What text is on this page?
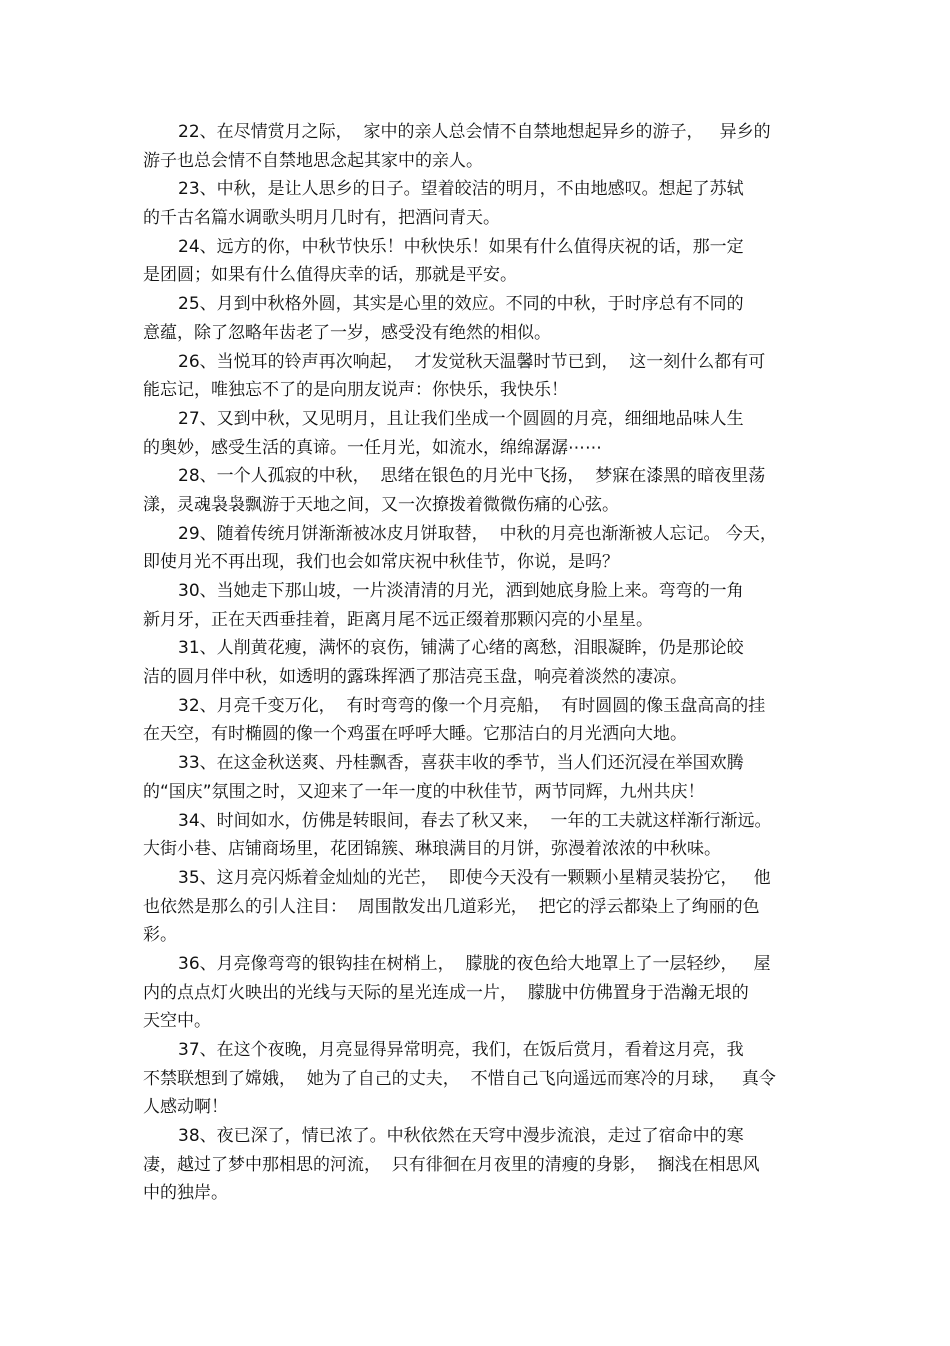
22、在尽情赏月之际，  家中的亲人总会情不自禁地想起异乡的游子，   异乡的
游子也总会情不自禁地思念起其家中的亲人。
23、中秋，是让人思乡的日子。望着皎洁的明月，不由地感叹。想起了苏轼
的千古名篇水调歌头明月几时有，把酒问青天。
24、远方的你，中秋节快乐！中秋快乐！如果有什么值得庆祝的话，那一定
是团圆；如果有什么值得庆幸的话，那就是平安。
25、月到中秋格外圆，其实是心里的效应。不同的中秋，于时序总有不同的
意蕴，除了忽略年齿老了一岁，感受没有绝然的相似。
26、当悦耳的铃声再次响起，  才发觉秋天温馨时节已到，  这一刻什么都有可
能忘记，唯独忘不了的是向朋友说声：你快乐，我快乐！
27、又到中秋，又见明月，且让我们坐成一个圆圆的月亮，细细地品味人生
的奥妙，感受生活的真谛。一任月光，如流水，绵绵潺潺⋯⋯
28、一个人孤寂的中秋，  思绪在银色的月光中飞扬，  梦寐在漆黑的暗夜里荡
漾，灵魂袅袅飘游于天地之间，又一次撩拨着微微伤痛的心弦。
29、随着传统月饼渐渐被冰皮月饼取替，  中秋的月亮也渐渐被人忘记。 今天，
即使月光不再出现，我们也会如常庆祝中秋佳节，你说，是吗？
30、当她走下那山坡，一片淡清清的月光，洒到她底身脸上来。弯弯的一角
新月牙，正在天西垂挂着，距离月尾不远正缀着那颗闪亮的小星星。
31、人削黄花瘦，满怀的哀伤，铺满了心绪的离愁，泪眼凝眸，仍是那论皎
洁的圆月伴中秋，如透明的露珠挥洒了那洁亮玉盘，响亮着淡然的凄凉。
32、月亮千变万化，  有时弯弯的像一个月亮船，  有时圆圆的像玉盘高高的挂
在天空，有时椭圆的像一个鸡蛋在呼呼大睡。它那洁白的月光洒向大地。
33、在这金秋送爽、丹桂飘香，喜获丰收的季节，当人们还沉浸在举国欢腾
的“国庆”氛围之时，又迎来了一年一度的中秋佳节，两节同辉，九州共庆！
34、时间如水，仿佛是转眼间，春去了秋又来，  一年的工夫就这样渐行渐远。
大街小巷、店铺商场里，花团锦簇、琳琅满目的月饼，弥漫着浓浓的中秋味。
35、这月亮闪烁着金灿灿的光芒，  即使今天没有一颗颗小星精灵装扮它，   他
也依然是那么的引人注目：  周围散发出几道彩光，  把它的浮云都染上了绚丽的色
彩。
36、月亮像弯弯的银钩挂在树梢上，  朦胧的夜色给大地罩上了一层轻纱，   屋
内的点点灯火映出的光线与天际的星光连成一片，  朦胧中仿佛置身于浩瀚无垠的
天空中。
37、在这个夜晚，月亮显得异常明亮，我们，在饭后赏月，看着这月亮，我
不禁联想到了嫦娥，  她为了自己的丈夫，  不惜自己飞向遥远而寒冷的月球，   真令
人感动啊！
38、夜已深了，情已浓了。中秋依然在天穹中漫步流浪，走过了宿命中的寒
凄，越过了梦中那相思的河流，  只有徘徊在月夜里的清瘦的身影，  搁浅在相思风
中的独岸。
